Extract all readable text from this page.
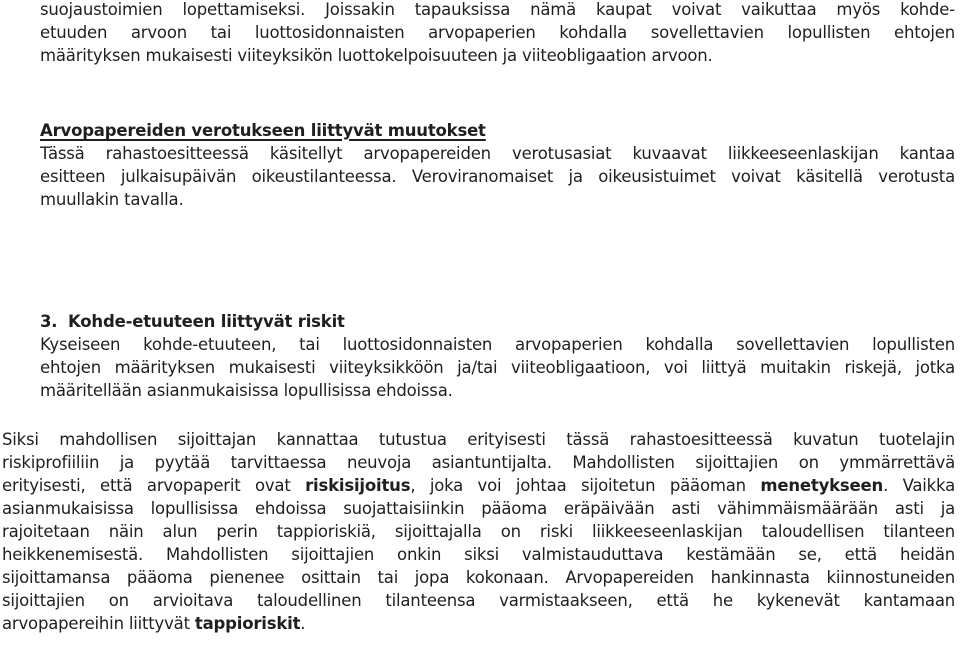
suojaustoimien lopettamiseksi. Joissakin tapauksissa nämä kaupat voivat vaikuttaa myös kohde-
etuuden arvoon tai luottosidonnaisten arvopaperien kohdalla sovellettavien lopullisten ehtojen
määrityksen mukaisesti viiteyksikön luottokelpoisuuteen ja viiteobligaation arvoon.
Arvopapereiden verotukseen liittyvät muutokset
Tässä rahastoesitteessä käsitellyt arvopapereiden verotusasiat kuvaavat liikkeeseenlaskijan kantaa
esitteen julkaisupäivän oikeustilanteessa. Veroviranomaiset ja oikeusistuimet voivat käsitellä verotusta
muullakin tavalla.
3. Kohde-etuuteen liittyvät riskit
Kyseiseen kohde-etuuteen, tai luottosidonnaisten arvopaperien kohdalla sovellettavien lopullisten
ehtojen määrityksen mukaisesti viiteyksikköön ja/tai viiteobligaatioon, voi liittyä muitakin riskejä, jotka
määritellään asianmukaisissa lopullisissa ehdoissa.
Siksi mahdollisen sijoittajan kannattaa tutustua erityisesti tässä rahastoesitteessä kuvatun tuotelajin
riskiprofiiliin ja pyytää tarvittaessa neuvoja asiantuntijalta. Mahdollisten sijoittajien on ymmärrettävä
erityisesti, että arvopaperit ovat riskisijoitus, joka voi johtaa sijoitetun pääoman menetykseen. Vaikka
asianmukaisissa lopullisissa ehdoissa suojattaisiinkin pääoma eräpäivään asti vähimmäismäärään asti ja
rajoitetaan näin alun perin tappioriskiä, sijoittajalla on riski liikkeeseenlaskijan taloudellisen tilanteen
heikkenemisestä. Mahdollisten sijoittajien onkin siksi valmistauduttava kestämään se, että heidän
sijoittamansa pääoma pienenee osittain tai jopa kokonaan. Arvopapereiden hankinnasta kiinnostuneiden
sijoittajien on arvioitava taloudellinen tilanteensa varmistaakseen, että he kykenevät kantamaan
arvopapereihin liittyvät tappioriskit.
